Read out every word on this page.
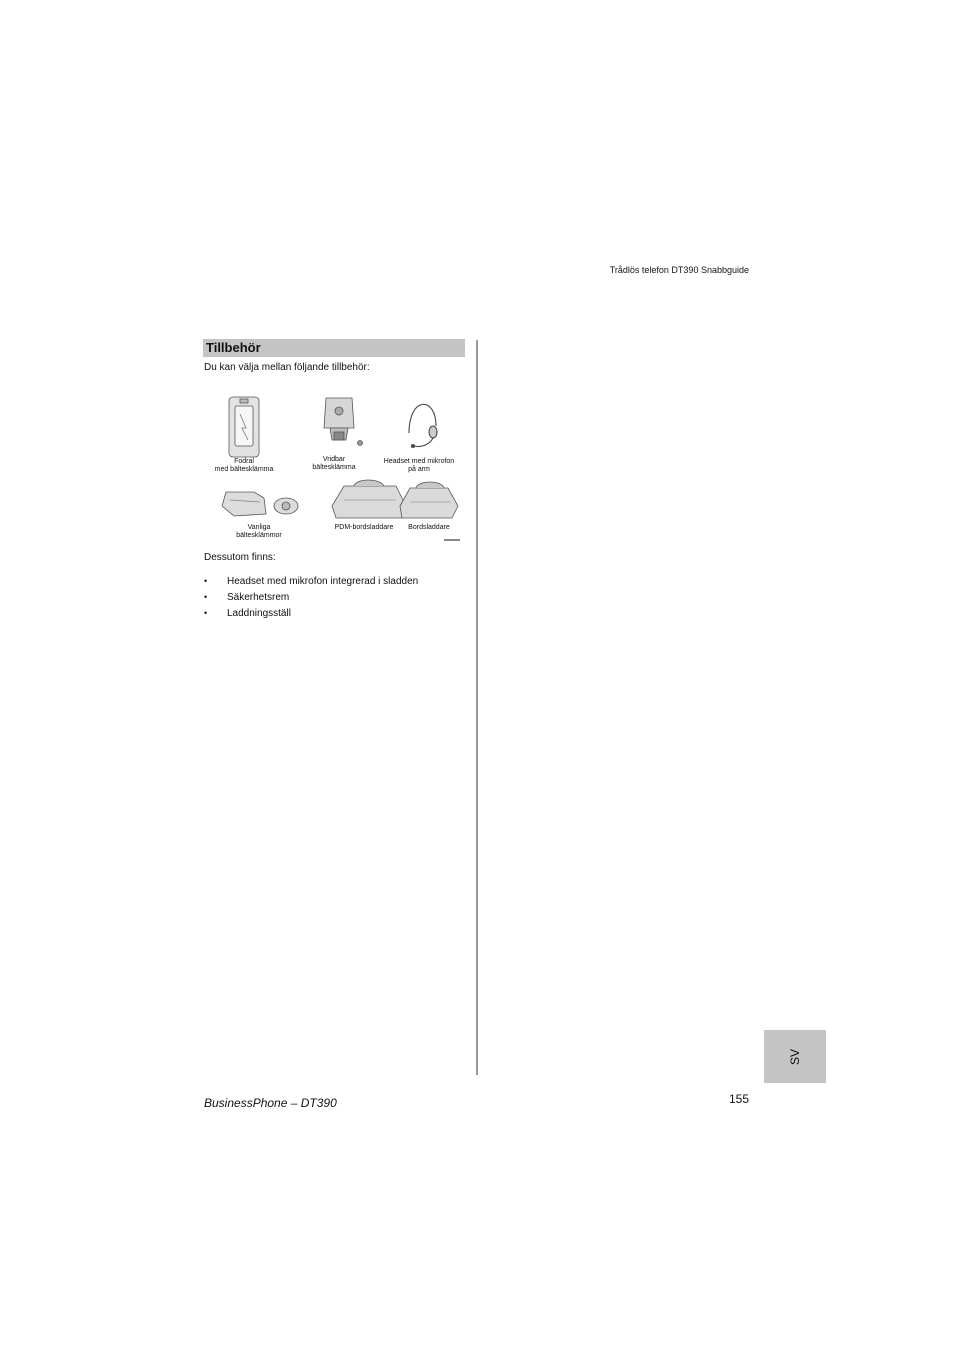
Trådlös telefon DT390 Snabbguide
Tillbehör
Du kan välja mellan följande tillbehör:
Fodral
med bältesklämma
Vridbar
bältesklämma
Headset med mikrofon
på arm
Vanliga
bältesklämmor
PDM-bordsladdare	Bordsladdare
Dessutom finns:
• Headset med mikrofon integrerad i sladden
• Säkerhetsrem
• Laddningsställ
BusinessPhone – DT390	155
SV
